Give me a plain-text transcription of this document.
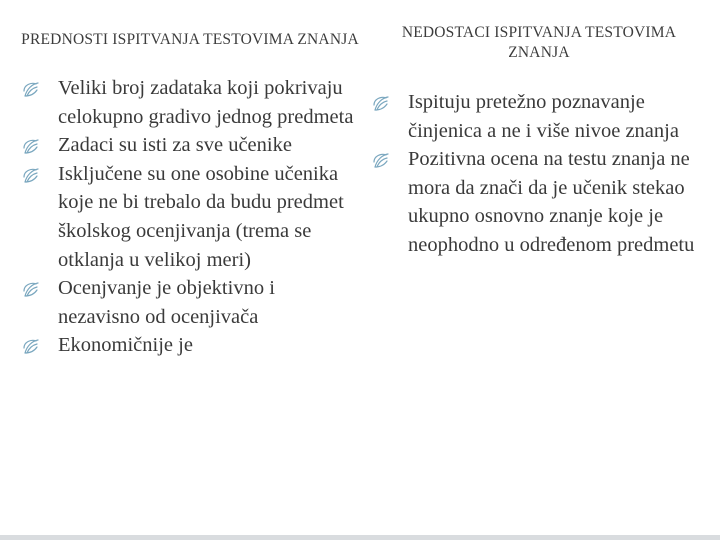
PREDNOSTI ISPITVANJA TESTOVIMA ZNANJA
Veliki broj zadataka koji pokrivaju celokupno gradivo jednog predmeta
Zadaci su isti za sve učenike
Isključene su one osobine učenika koje ne bi trebalo da budu predmet školskog ocenjivanja (trema se otklanja u velikoj meri)
Ocenjvanje je objektivno i nezavisno od ocenjivača
Ekonomičnije je
NEDOSTACI ISPITVANJA TESTOVIMA ZNANJA
Ispituju pretežno poznavanje činjenica a ne i više nivoe znanja
Pozitivna ocena na testu znanja ne mora da znači da je učenik stekao ukupno osnovno znanje koje je neophodno u određenom predmetu
